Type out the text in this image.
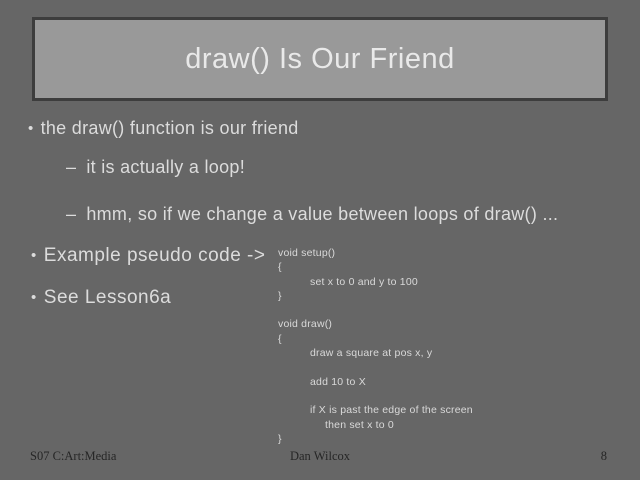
draw() Is Our Friend
• the draw() function is our friend
– it is actually a loop!
– hmm, so if we change a value between loops of draw() ...
• Example pseudo code ->
• See Lesson6a
void setup()
{
set x to 0 and y to 100
}

void draw()
{
draw a square at pos x, y

add 10 to X

if X is past the edge of the screen
then set x to 0
}
S07 C:Art:Media	Dan Wilcox	8
